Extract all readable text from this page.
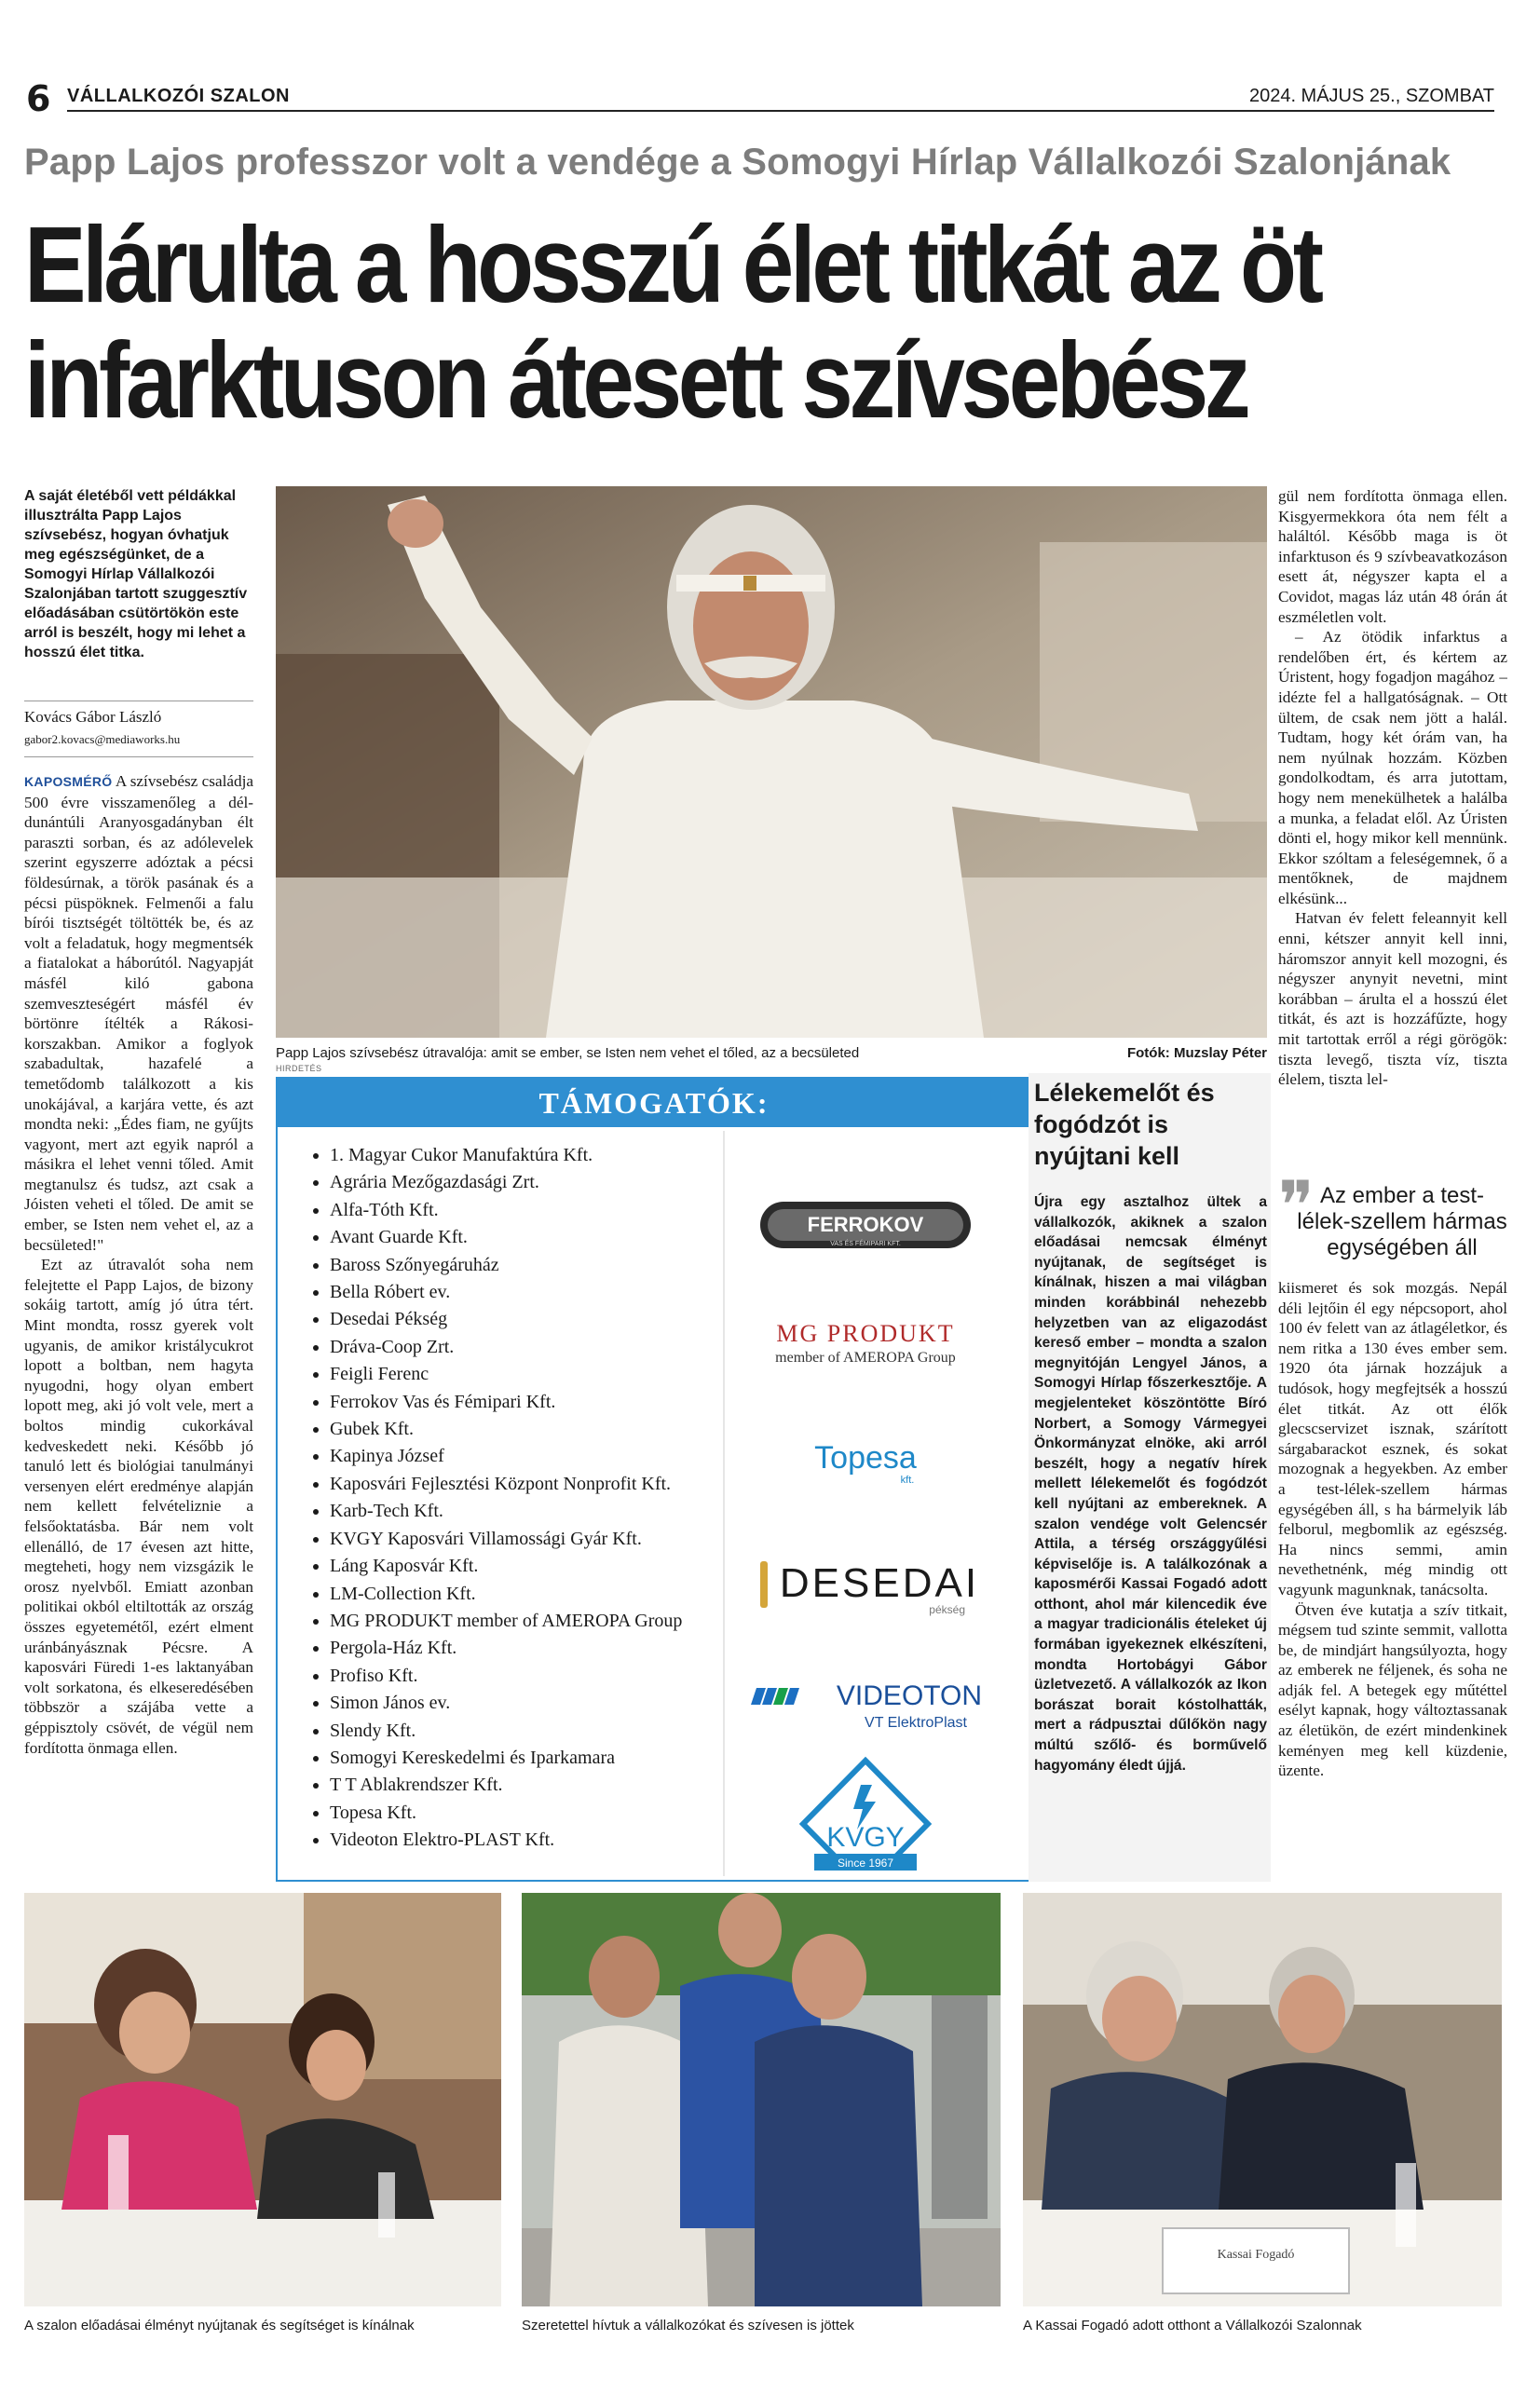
6 VÁLLALKOZÓI SZALON	2024. MÁJUS 25., SZOMBAT
Papp Lajos professzor volt a vendége a Somogyi Hírlap Vállalkozói Szalonjának
Elárulta a hosszú élet titkát az öt
infarktuson átesett szívsebész
A saját életéből vett példákkal illusztrálta Papp Lajos szívsebész, hogyan óvhatjuk meg egészségünket, de a Somogyi Hírlap Vállalkozói Szalonjában tartott szuggesztív előadásában csütörtökön este arról is beszélt, hogy mi lehet a hosszú élet titka.
Kovács Gábor László
gabor2.kovacs@mediaworks.hu

KAPOSMÉRŐ A szívsebész családja 500 évre visszamenőleg a dél-dunántúli Aranyosgadányban élt paraszti sorban, és az adólevelek szerint egyszerre adóztak a pécsi földesúrnak, a török pasának és a pécsi püspöknek. Felmenői a falu bírói tisztségét töltötték be, és az volt a feladatuk, hogy megmentsék a fiatalokat a háborútól. Nagyapját másfél kiló gabona szemveszteségért másfél év börtönre ítélték a Rákosi-korszakban. Amikor a foglyok szabadultak, hazafelé a temetődomb találkozott a kis unokájával, a karjára vette, és azt mondta neki: „Édes fiam, ne gyűjts vagyont, mert azt egyik napról a másikra el lehet venni tőled. Amit megtanulsz és tudsz, azt csak a Jóisten veheti el tőled. De amit se ember, se Isten nem vehet el, az a becsületed!"

Ezt az útravalót soha nem felejtette el Papp Lajos, de bizony sokáig tartott, amíg jó útra tért. Mint mondta, rossz gyerek volt ugyanis, de amikor kristálycukrot lopott a boltban, nem hagyta nyugodni, hogy olyan embert lopott meg, aki jó volt vele, mert a boltos mindig cukorkával kedveskedett neki. Később jó tanuló lett és biológiai tanulmányi versenyen elért eredménye alapján nem kellett felvételiznie a felsőoktatásba. Bár nem volt ellenálló, de 17 évesen azt hitte, megteheti, hogy nem vizsgázik le orosz nyelvből. Emiatt azonban politikai okból eltiltották az ország összes egyetemétől, ezért elment uránbányásznak Pécsre. A kaposvári Füredi 1-es laktanyában volt sorkatona, és elkeseredésében többször a szájába vette a géppisztoly csövét, de végül nem fordította önmaga ellen.

Papp Lajos szívsebész útravalója: amit se ember, se Isten nem vehet el tőled, az a becsületed	Fotók: Muzslay Péter
HIRDETÉS
TÁMOGATÓK:
• 1. Magyar Cukor Manufaktúra Kft.
• Agrária Mezőgazdasági Zrt.
• Alfa-Tóth Kft.
• Avant Guarde Kft.
• Baross Szőnyegáruház
• Bella Róbert ev.
• Desedai Pékség
• Dráva-Coop Zrt.
• Feigli Ferenc
• Ferrokov Vas és Fémipari Kft.
• Gubek Kft.
• Kapinya József
• Kaposvári Fejlesztési Központ Nonprofit Kft.
• Karb-Tech Kft.
• KVGY Kaposvári Villamossági Gyár Kft.
• Láng Kaposvár Kft.
• LM-Collection Kft.
• MG PRODUKT member of AMEROPA Group
• Pergola-Ház Kft.
• Profiso Kft.
• Simon János ev.
• Slendy Kft.
• Somogyi Kereskedelmi és Iparkamara
• T T Ablakrendszer Kft.
• Topesa Kft.
• Videoton Elektro-PLAST Kft.
FERROKOV
VAS ÉS FÉMIPARI KFT.
MG PRODUKT
member of AMEROPA Group
Topesa
kft.
DESEDAI
pékség
VIDEOTON
VT ElektroPlast
KVGY
Since 1967
Lélekemelőt és fogódzót is nyújtani kell
Újra egy asztalhoz ültek a vállalkozók, akiknek a szalon előadásai nemcsak élményt nyújtanak, de segítséget is kínálnak, hiszen a mai világban minden korábbinál nehezebb helyzetben van az eligazodást kereső ember – mondta a szalon megnyitóján Lengyel János, a Somogyi Hírlap főszerkesztője. A megjelenteket köszöntötte Bíró Norbert, a Somogy Vármegyei Önkormányzat elnöke, aki arról beszélt, hogy a negatív hírek mellett lélekemelőt és fogódzót kell nyújtani az embereknek. A szalon vendége volt Gelencsér Attila, a térség országgyűlési képviselője is. A találkozónak a kaposmérői Kassai Fogadó adott otthont, ahol már kilencedik éve a magyar tradicionális ételeket új formában igyekeznek elkészíteni, mondta Hortobágyi Gábor üzletvezető. A vállalkozók az Ikon borászat borait kóstolhatták, mert a rádpusztai dűlőkön nagy múltú szőlő- és borművelő hagyomány éledt újjá.

gül nem fordította önmaga ellen. Kisgyermekkora óta nem félt a haláltól. Később maga is öt infarktuson és 9 szívbeavatkozáson esett át, négyszer kapta el a Covidot, magas láz után 48 órán át eszméletlen volt.

– Az ötödik infarktus a rendelőben ért, és kértem az Úristent, hogy fogadjon magához – idézte fel a hallgatóságnak. – Ott ültem, de csak nem jött a halál. Tudtam, hogy két órám van, ha nem nyúlnak hozzám. Közben gondolkodtam, és arra jutottam, hogy nem menekülhetek a halálba a munka, a feladat elől. Az Úristen dönti el, hogy mikor kell mennünk. Ekkor szóltam a feleségemnek, ő a mentőknek, de majdnem elkésünk...

Hatvan év felett feleannyit kell enni, kétszer annyit kell inni, háromszor annyit kell mozogni, és négyszer anynyit nevetni, mint korábban – árulta el a hosszú élet titkát, és azt is hozzáfűzte, hogy mit tartottak erről a régi görögök: tiszta levegő, tiszta víz, tiszta élelem, tiszta lel-

❞ Az ember a test-lélek-szellem hármas egységében áll

kiismeret és sok mozgás. Nepál déli lejtőin él egy népcsoport, ahol 100 év felett van az átlagéletkor, és nem ritka a 130 éves ember sem. 1920 óta járnak hozzájuk a tudósok, hogy megfejtsék a hosszú élet titkát. Az ott élők glecscservizet isznak, szárított sárgabarackot esznek, és sokat mozognak a hegyekben. Az ember a test-lélek-szellem hármas egységében áll, s ha bármelyik láb felborul, megbomlik az egészség. Ha nincs semmi, amin nevethetnénk, még mindig ott vagyunk magunknak, tanácsolta.

Ötven éve kutatja a szív titkait, mégsem tud szinte semmit, vallotta be, de mindjárt hangsúlyozta, hogy az emberek ne féljenek, és soha ne adják fel. A betegek egy műtéttel esélyt kapnak, hogy változtassanak az életükön, de ezért mindenkinek keményen meg kell küzdenie, üzente.

Kassai Fogadó
A szalon előadásai élményt nyújtanak és segítséget is kínálnak	Szeretettel hívtuk a vállalkozókat és szívesen is jöttek	A Kassai Fogadó adott otthont a Vállalkozói Szalonnak
